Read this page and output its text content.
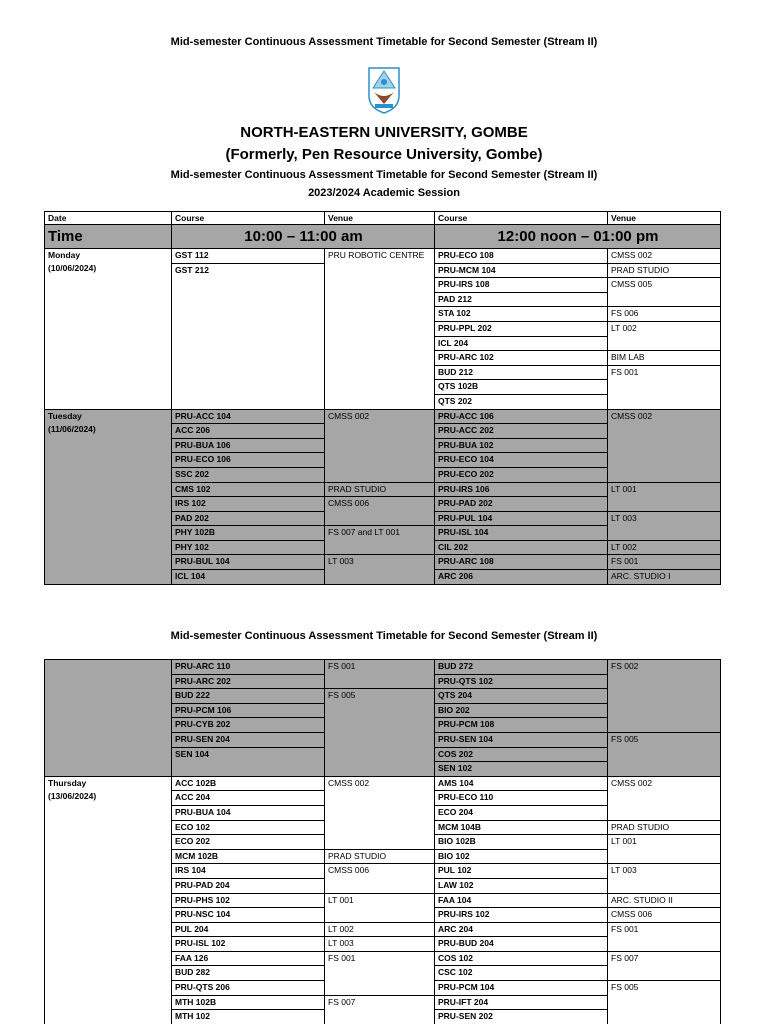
Mid-semester Continuous Assessment Timetable for Second Semester (Stream II)
NORTH-EASTERN UNIVERSITY, GOMBE
(Formerly, Pen Resource University, Gombe)
Mid-semester Continuous Assessment Timetable for Second Semester (Stream II)
2023/2024 Academic Session
Date	Course	Venue	Course	Venue
Time	10:00 – 11:00 am		12:00 noon – 01:00 pm	
Monday
(10/06/2024)	GST 112	PRU ROBOTIC CENTRE	PRU-ECO 108	CMSS 002
	GST 212		PRU-MCM 104	PRAD STUDIO
			PRU-IRS 108	CMSS 005
			PAD 212	
			STA 102	FS 006
			PRU-PPL 202	LT 002
			ICL 204	
			PRU-ARC 102	BIM LAB
			BUD 212	FS 001
			QTS 102B	
			QTS 202	
Tuesday
(11/06/2024)	PRU-ACC 104	CMSS 002	PRU-ACC 106	CMSS 002
	ACC 206		PRU-ACC 202	
	PRU-BUA 106		PRU-BUA 102	
	PRU-ECO 106		PRU-ECO 104	
	SSC 202		PRU-ECO 202	
	CMS 102	PRAD STUDIO	PRU-IRS 106	LT 001
	IRS 102	CMSS 006	PRU-PAD 202	
	PAD 202		PRU-PUL 104	LT 003
	PHY 102B	FS 007 and LT 001	PRU-ISL 104	
	PHY 102		CIL 202	LT 002
	PRU-BUL 104	LT 003	PRU-ARC 108	FS 001
	ICL 104		ARC 206	ARC. STUDIO I
Mid-semester Continuous Assessment Timetable for Second Semester (Stream II)
	PRU-ARC 110	FS 001	BUD 272	FS 002
	PRU-ARC 202		PRU-QTS 102	
	BUD 222	FS 005	QTS 204	
	PRU-PCM 106		BIO 202	
	PRU-CYB 202		PRU-PCM 108	
	PRU-SEN 204		PRU-SEN 104	FS 005
	SEN 104		COS 202	
			SEN 102	
Thursday
(13/06/2024)	ACC 102B	CMSS 002	AMS 104	CMSS 002
	ACC 204		PRU-ECO 110	
	PRU-BUA 104		ECO 204	
	ECO 102		MCM 104B	PRAD STUDIO
	ECO 202		BIO 102B	LT 001
	MCM 102B	PRAD STUDIO	BIO 102	
	IRS 104	CMSS 006	PUL 102	LT 003
	PRU-PAD 204		LAW 102	
	PRU-PHS 102	LT 001	FAA 104	ARC. STUDIO II
	PRU-NSC 104		PRU-IRS 102	CMSS 006
	PUL 204	LT 002	ARC 204	FS 001
	PRU-ISL 102	LT 003	PRU-BUD 204	
	FAA 126	FS 001	COS 102	FS 007
	BUD 282		CSC 102	
	PRU-QTS 206		PRU-PCM 104	FS 005
	MTH 102B	FS 007	PRU-IFT 204	
	MTH 102		PRU-SEN 202	
